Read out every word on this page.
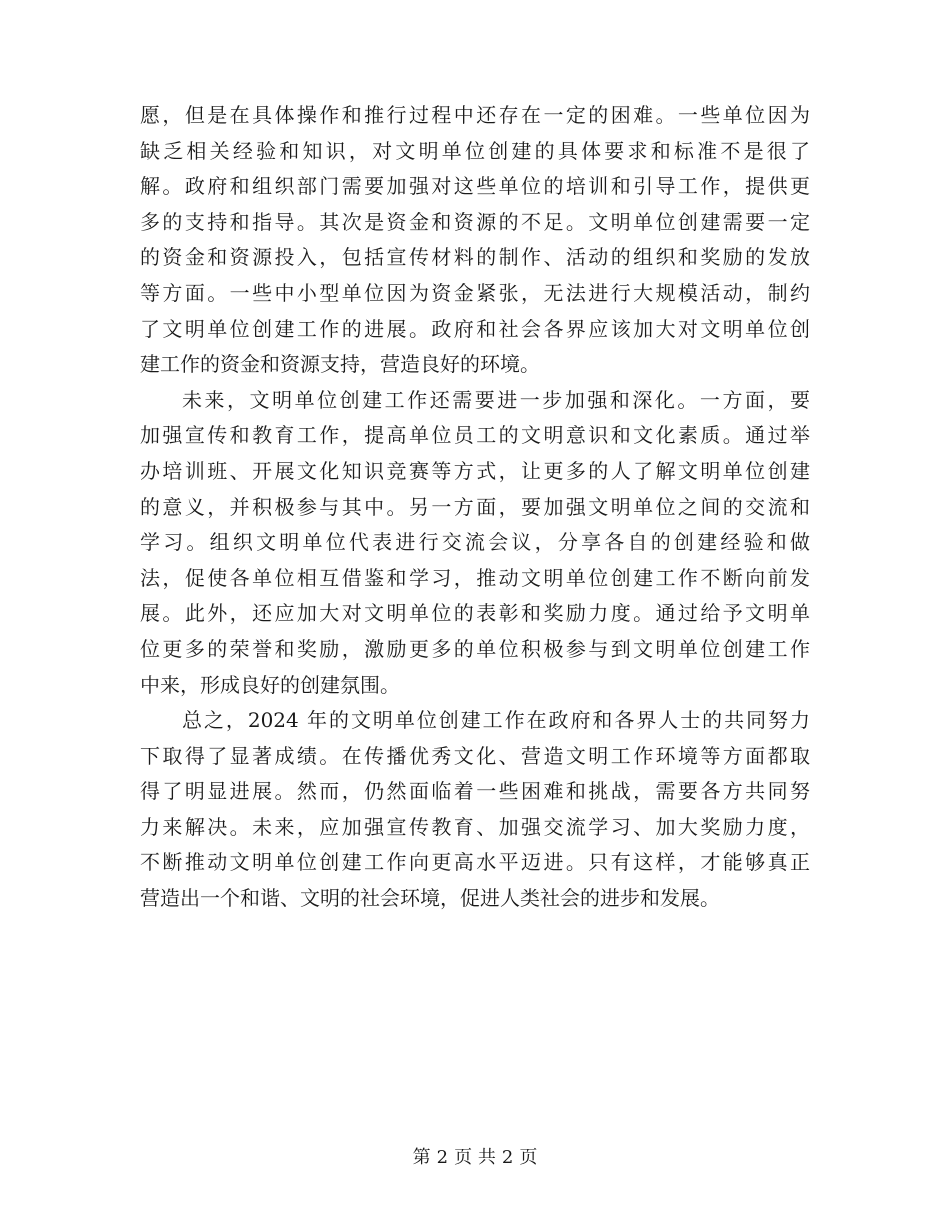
愿，但是在具体操作和推行过程中还存在一定的困难。一些单位因为
缺乏相关经验和知识，对文明单位创建的具体要求和标准不是很了
解。政府和组织部门需要加强对这些单位的培训和引导工作，提供更
多的支持和指导。其次是资金和资源的不足。文明单位创建需要一定
的资金和资源投入，包括宣传材料的制作、活动的组织和奖励的发放
等方面。一些中小型单位因为资金紧张，无法进行大规模活动，制约
了文明单位创建工作的进展。政府和社会各界应该加大对文明单位创
建工作的资金和资源支持，营造良好的环境。
未来，文明单位创建工作还需要进一步加强和深化。一方面，要
加强宣传和教育工作，提高单位员工的文明意识和文化素质。通过举
办培训班、开展文化知识竞赛等方式，让更多的人了解文明单位创建
的意义，并积极参与其中。另一方面，要加强文明单位之间的交流和
学习。组织文明单位代表进行交流会议，分享各自的创建经验和做
法，促使各单位相互借鉴和学习，推动文明单位创建工作不断向前发
展。此外，还应加大对文明单位的表彰和奖励力度。通过给予文明单
位更多的荣誉和奖励，激励更多的单位积极参与到文明单位创建工作
中来，形成良好的创建氛围。
总之，2024 年的文明单位创建工作在政府和各界人士的共同努力
下取得了显著成绩。在传播优秀文化、营造文明工作环境等方面都取
得了明显进展。然而，仍然面临着一些困难和挑战，需要各方共同努
力来解决。未来，应加强宣传教育、加强交流学习、加大奖励力度，
不断推动文明单位创建工作向更高水平迈进。只有这样，才能够真正
营造出一个和谐、文明的社会环境，促进人类社会的进步和发展。
第 2 页 共 2 页
